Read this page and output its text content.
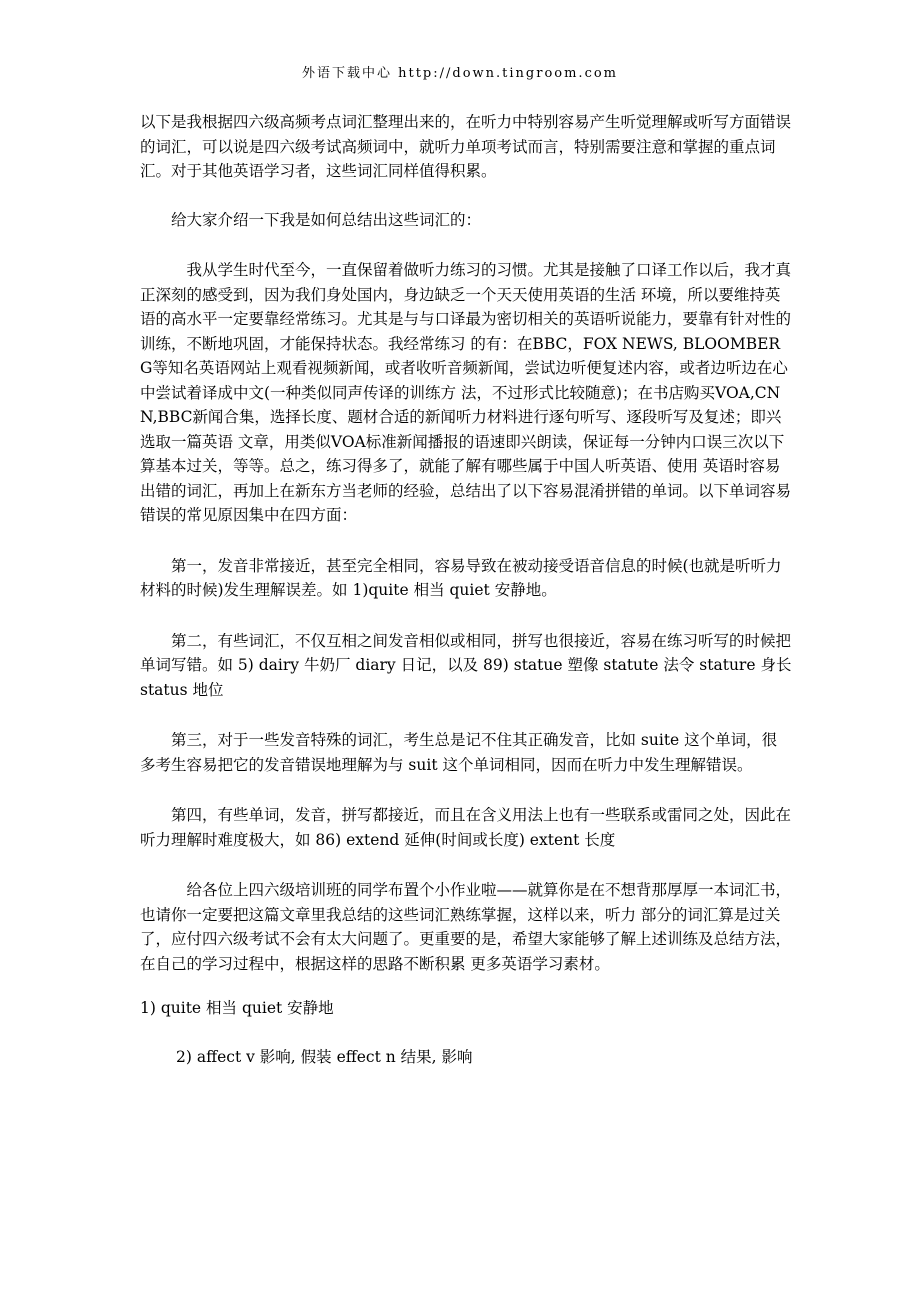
外语下载中心 http://down.tingroom.com

以下是我根据四六级高频考点词汇整理出来的，在听力中特别容易产生听觉理解或听写方面错误的词汇，可以说是四六级考试高频词中，就听力单项考试而言，特别需要注意和掌握的重点词汇。对于其他英语学习者，这些词汇同样值得积累。

给大家介绍一下我是如何总结出这些词汇的：

我从学生时代至今，一直保留着做听力练习的习惯。尤其是接触了口译工作以后，我才真正深刻的感受到，因为我们身处国内，身边缺乏一个天天使用英语的生活 环境，所以要维持英语的高水平一定要靠经常练习。尤其是与与口译最为密切相关的英语听说能力，要靠有针对性的训练，不断地巩固，才能保持状态。我经常练习 的有：在BBC，FOX NEWS, BLOOMBERG等知名英语网站上观看视频新闻，或者收听音频新闻，尝试边听便复述内容，或者边听边在心中尝试着译成中文(一种类似同声传译的训练方 法，不过形式比较随意)；在书店购买VOA,CNN,BBC新闻合集，选择长度、题材合适的新闻听力材料进行逐句听写、逐段听写及复述；即兴选取一篇英语 文章，用类似VOA标准新闻播报的语速即兴朗读，保证每一分钟内口误三次以下算基本过关，等等。总之，练习得多了，就能了解有哪些属于中国人听英语、使用 英语时容易出错的词汇，再加上在新东方当老师的经验，总结出了以下容易混淆拼错的单词。以下单词容易错误的常见原因集中在四方面：

第一，发音非常接近，甚至完全相同，容易导致在被动接受语音信息的时候(也就是听听力材料的时候)发生理解误差。如 1)quite 相当 quiet 安静地。

第二，有些词汇，不仅互相之间发音相似或相同，拼写也很接近，容易在练习听写的时候把单词写错。如 5) dairy 牛奶厂 diary 日记，以及 89) statue 塑像 statute 法令 stature 身长 status 地位

第三，对于一些发音特殊的词汇，考生总是记不住其正确发音，比如 suite 这个单词，很多考生容易把它的发音错误地理解为与 suit 这个单词相同，因而在听力中发生理解错误。

第四，有些单词，发音，拼写都接近，而且在含义用法上也有一些联系或雷同之处，因此在听力理解时难度极大，如 86) extend 延伸(时间或长度) extent 长度

给各位上四六级培训班的同学布置个小作业啦——就算你是在不想背那厚厚一本词汇书，也请你一定要把这篇文章里我总结的这些词汇熟练掌握，这样以来，听力 部分的词汇算是过关了，应付四六级考试不会有太大问题了。更重要的是，希望大家能够了解上述训练及总结方法，在自己的学习过程中，根据这样的思路不断积累 更多英语学习素材。

1) quite 相当 quiet 安静地

2) affect v 影响, 假装 effect n 结果, 影响
